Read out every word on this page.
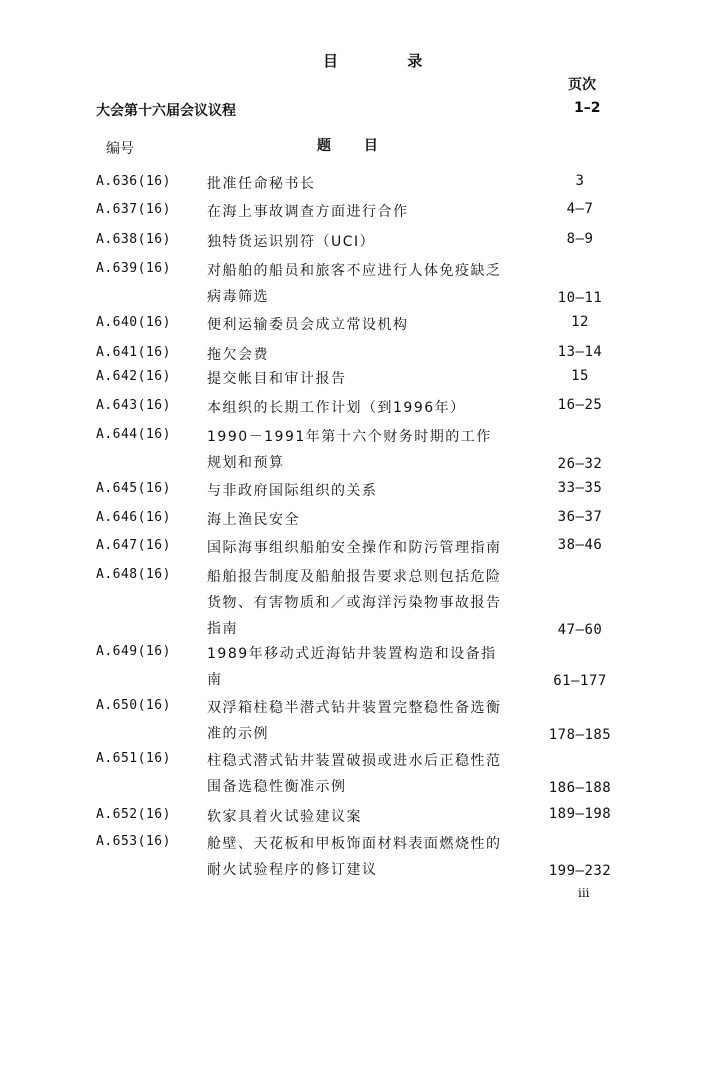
目 录
页次
大会第十六届会议议程	1–2
编号	题 目
A.636(16)	批准任命秘书长	3
A.637(16)	在海上事故调查方面进行合作	4–7
A.638(16)	独特货运识别符（UCI）	8–9
A.639(16)	对船舶的船员和旅客不应进行人体免疫缺乏
病毒筛选	10–11
A.640(16)	便利运输委员会成立常设机构	12
A.641(16)	拖欠会费	13–14
A.642(16)	提交帐目和审计报告	15
A.643(16)	本组织的长期工作计划（到1996年）	16–25
A.644(16)	1990－1991年第十六个财务时期的工作
规划和预算	26–32
A.645(16)	与非政府国际组织的关系	33–35
A.646(16)	海上渔民安全	36–37
A.647(16)	国际海事组织船舶安全操作和防污管理指南	38–46
A.648(16)	船舶报告制度及船舶报告要求总则包括危险
货物、有害物质和／或海洋污染物事故报告
指南	47–60
A.649(16)	1989年移动式近海钻井装置构造和设备指
南	61–177
A.650(16)	双浮箱柱稳半潜式钻井装置完整稳性备选衡
准的示例	178–185
A.651(16)	柱稳式潜式钻井装置破损或进水后正稳性范
围备选稳性衡准示例	186–188
A.652(16)	软家具着火试验建议案	189–198
A.653(16)	舱壁、天花板和甲板饰面材料表面燃烧性的
耐火试验程序的修订建议	199–232
iii
